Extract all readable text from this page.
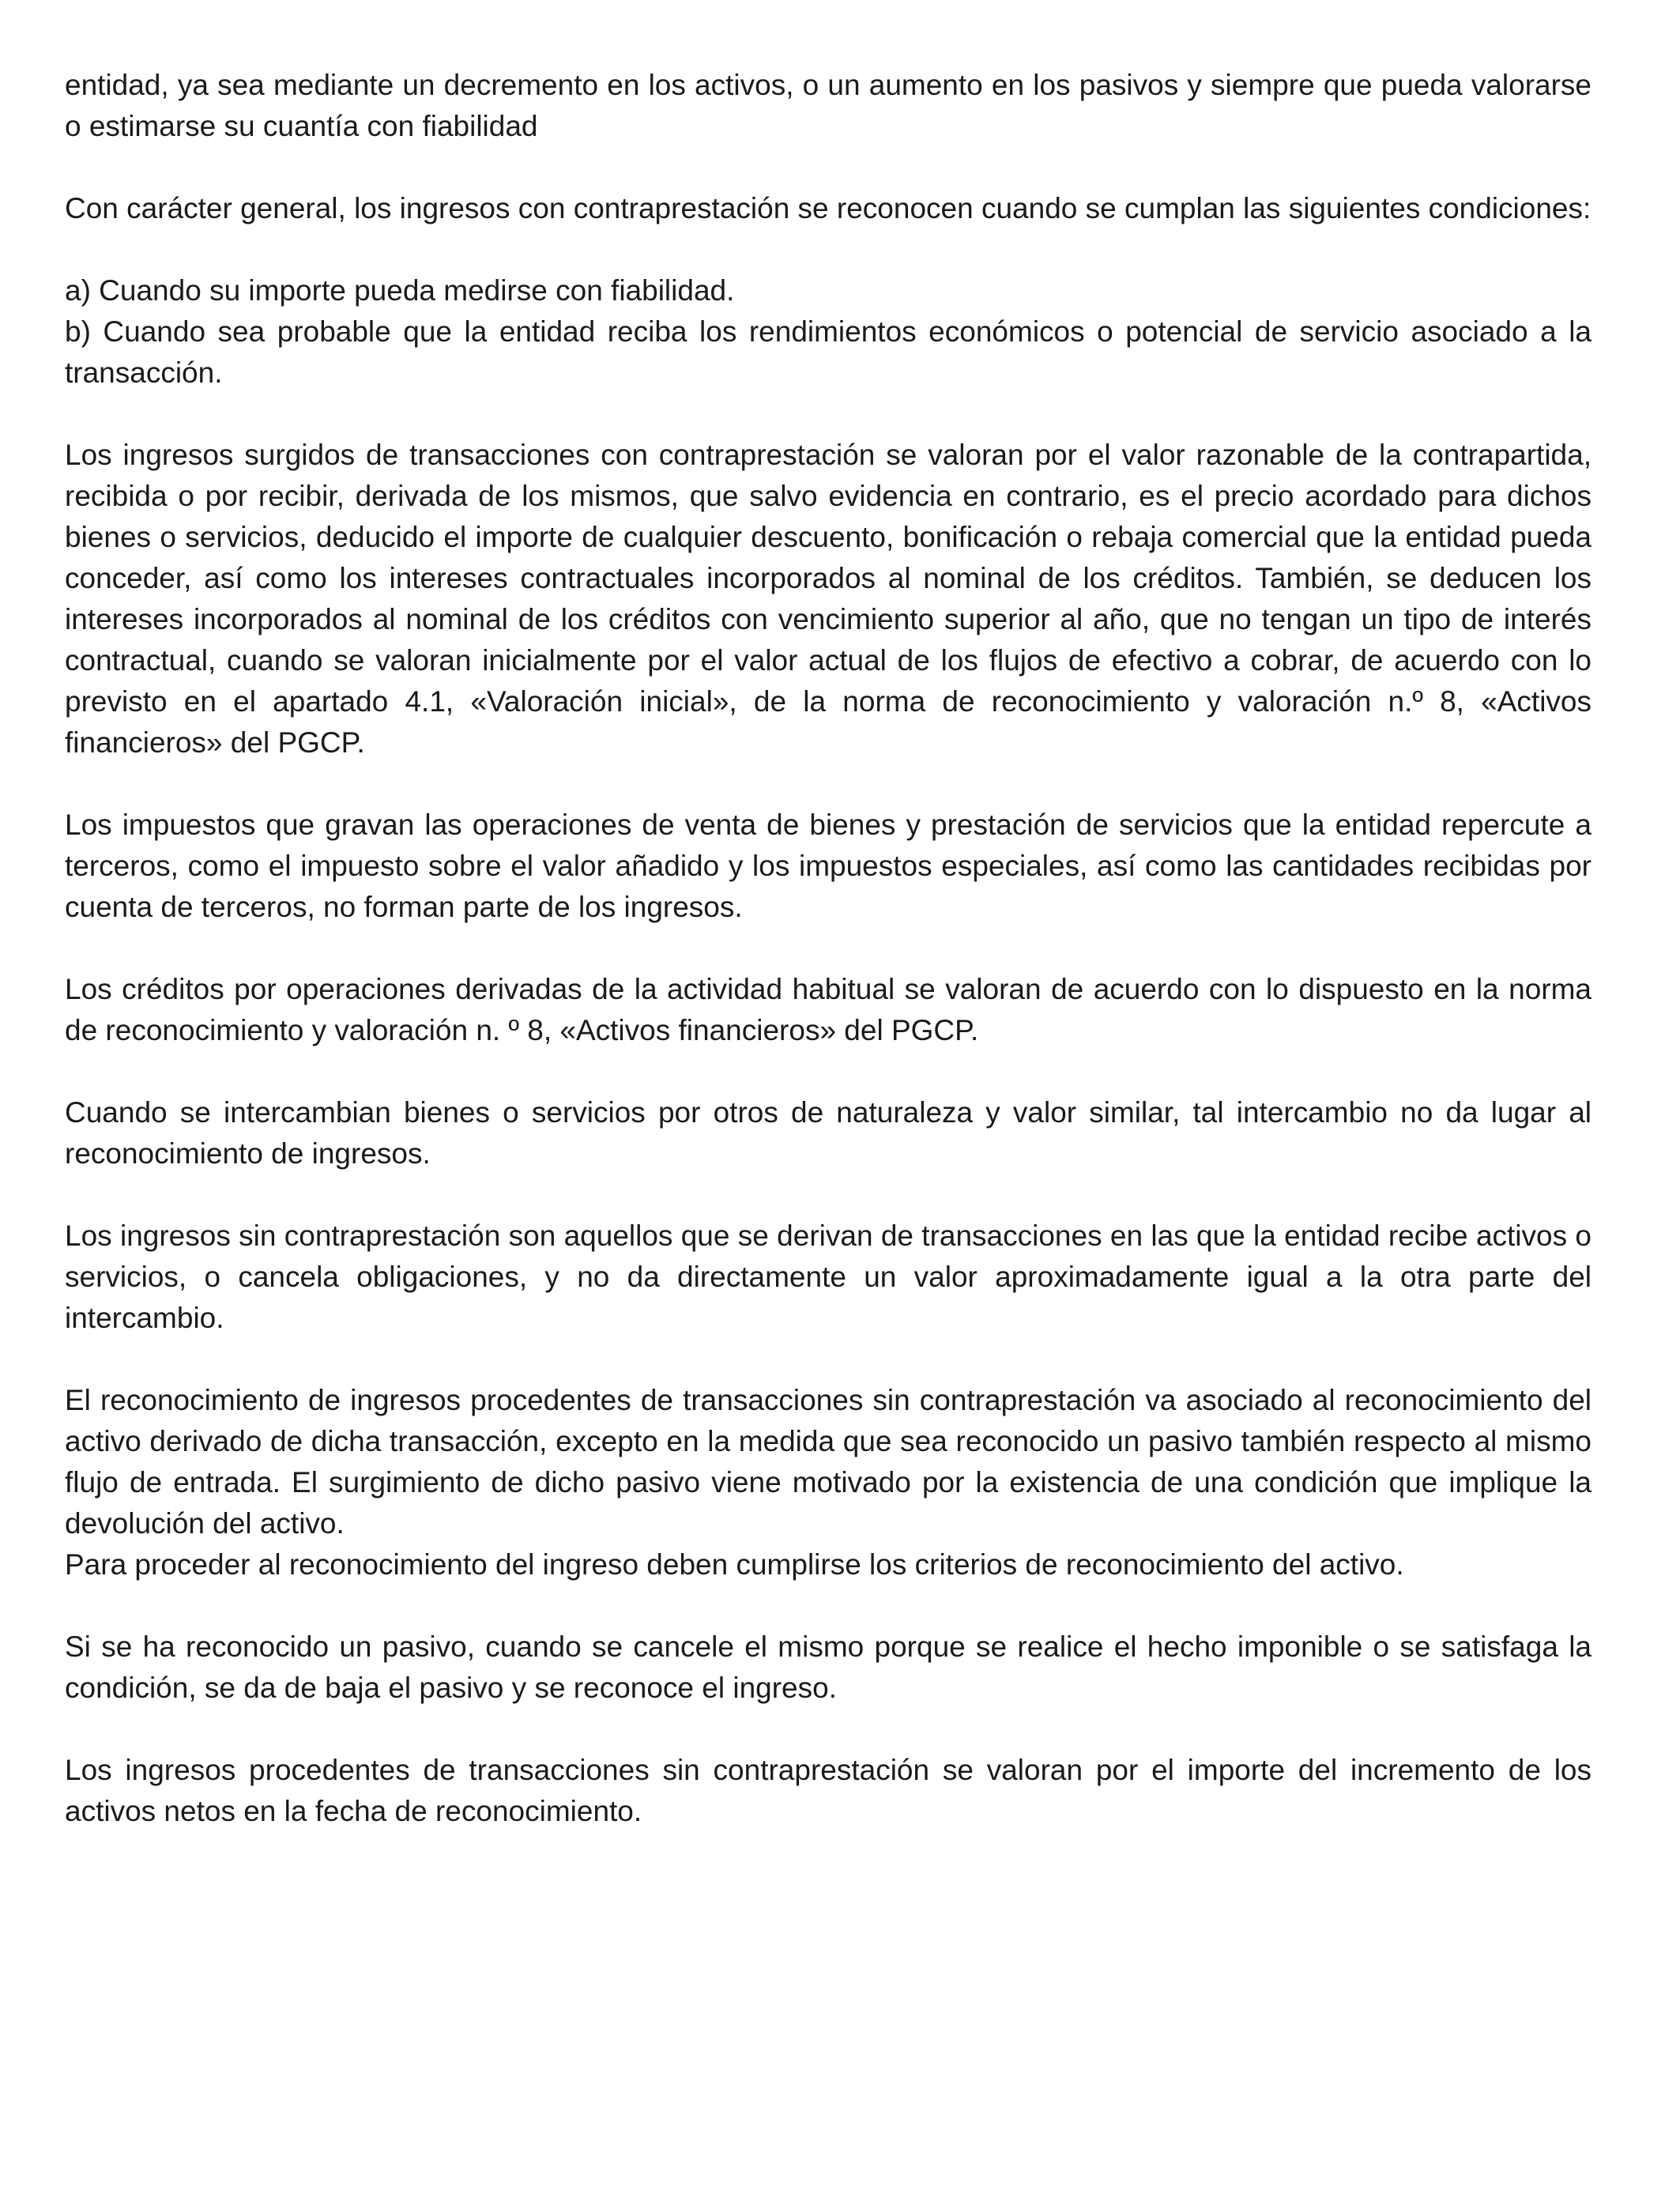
entidad, ya sea mediante un decremento en los activos, o un aumento en los pasivos y siempre que pueda valorarse o estimarse su cuantía con fiabilidad

Con carácter general, los ingresos con contraprestación se reconocen cuando se cumplan las siguientes condiciones:

a) Cuando su importe pueda medirse con fiabilidad.

b) Cuando sea probable que la entidad reciba los rendimientos económicos o potencial de servicio asociado a la transacción.

Los ingresos surgidos de transacciones con contraprestación se valoran por el valor razonable de la contrapartida, recibida o por recibir, derivada de los mismos, que salvo evidencia en contrario, es el precio acordado para dichos bienes o servicios, deducido el importe de cualquier descuento, bonificación o rebaja comercial que la entidad pueda conceder, así como los intereses contractuales incorporados al nominal de los créditos. También, se deducen los intereses incorporados al nominal de los créditos con vencimiento superior al año, que no tengan un tipo de interés contractual, cuando se valoran inicialmente por el valor actual de los flujos de efectivo a cobrar, de acuerdo con lo previsto en el apartado 4.1, «Valoración inicial», de la norma de reconocimiento y valoración n.º 8, «Activos financieros» del PGCP.

Los impuestos que gravan las operaciones de venta de bienes y prestación de servicios que la entidad repercute a terceros, como el impuesto sobre el valor añadido y los impuestos especiales, así como las cantidades recibidas por cuenta de terceros, no forman parte de los ingresos.

Los créditos por operaciones derivadas de la actividad habitual se valoran de acuerdo con lo dispuesto en la norma de reconocimiento y valoración n. º 8, «Activos financieros» del PGCP.

Cuando se intercambian bienes o servicios por otros de naturaleza y valor similar, tal intercambio no da lugar al reconocimiento de ingresos.

Los ingresos sin contraprestación son aquellos que se derivan de transacciones en las que la entidad recibe activos o servicios, o cancela obligaciones, y no da directamente un valor aproximadamente igual a la otra parte del intercambio.

El reconocimiento de ingresos procedentes de transacciones sin contraprestación va asociado al reconocimiento del activo derivado de dicha transacción, excepto en la medida que sea reconocido un pasivo también respecto al mismo flujo de entrada. El surgimiento de dicho pasivo viene motivado por la existencia de una condición que implique la devolución del activo.

Para proceder al reconocimiento del ingreso deben cumplirse los criterios de reconocimiento del activo.

Si se ha reconocido un pasivo, cuando se cancele el mismo porque se realice el hecho imponible o se satisfaga la condición, se da de baja el pasivo y se reconoce el ingreso.

Los ingresos procedentes de transacciones sin contraprestación se valoran por el importe del incremento de los activos netos en la fecha de reconocimiento.
